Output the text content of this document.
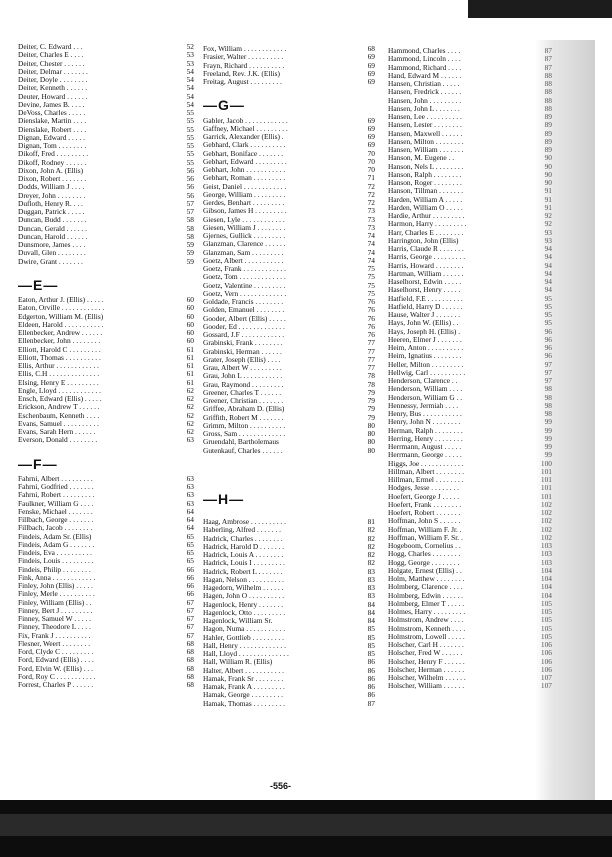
Deiter, C. Edward . . .	52
Deiter, Charles E . . . .	53
Deiter, Chester . . . . . .	53
Deiter, Delmar . . . . . . .	54
Deiter, Doyle . . . . . . . .	54
Deiter, Kenneth . . . . . .	54
Deuter, Howard . . . . . .	54
Devine, James B. . . . .	54
DeVoss, Charles . . . . .	55
Dienslake, Martin . . . .	55
Dienslake, Robert . . . .	55
Dignan, Edward . . . . .	55
Dignan, Tom . . . . . . . .	55
Dikoff, Fred . . . . . . . . .	55
Dikoff, Rodney . . . . . .	55
Dixon, John A. (Ellis)	56
Dixon, Robert . . . . . . .	56
Dodds, William J . . . .	56
Dreyer, John . . . . . . . .	56
Dufloth, Henry R. . . .	57
Duggan, Patrick . . . . .	57
Duncan, Budd . . . . . . .	58
Duncan, Gerald . . . . . .	58
Duncan, Harold . . . . . .	58
Dunsmore, James . . . .	59
Duvall, Glen . . . . . . . .	59
Dwire, Grant . . . . . . .	59
— E —
Eaton, Arthur J. (Ellis) . . . . .	60
Eaton, Orville . . . . . . . . . . . .	60
Edgerton, William M. (Ellis)	60
Eldeen, Harold . . . . . . . . . . .	60
Ellenbecker, Andrew . . . . . .	60
Ellenbecker, John . . . . . . . .	60
Elliott, Harold C . . . . . . . . .	61
Elliott, Thomas . . . . . . . . . .	61
Ellis, Arthur . . . . . . . . . . . .	61
Ellis, C.H . . . . . . . . . . . . . .	61
Elsing, Henry E . . . . . . . . .	61
Engle, Lloyd . . . . . . . . . . . .	62
Ensch, Edward (Ellis) . . . . .	62
Erickson, Andrew T . . . . . .	62
Eschenbaum, Kenneth . . . .	62
Evans, Samuel . . . . . . . . . .	62
Evans, Sarah Hern . . . . . .	62
Everson, Donald . . . . . . . .	63
— F —
Fahrni, Albert . . . . . . . . .	63
Fahrni, Godfried . . . . . . .	63
Fahrni, Robert . . . . . . . . .	63
Faulkner, William G . . . .	63
Fenske, Michael . . . . . . .	64
Fillbach, George . . . . . . .	64
Fillbach, Jacob . . . . . . . .	64
Findeis, Adam Sr. (Ellis)	65
Findeis, Adam G . . . . . . .	65
Findeis, Eva . . . . . . . . . .	65
Findeis, Louis . . . . . . . . .	65
Findeis, Philip . . . . . . . .	66
Fink, Anna . . . . . . . . . . . .	66
Finley, John (Ellis) . . . . .	66
Finley, Merle . . . . . . . . . .	66
Finley, William (Ellis) . .	67
Finney, Bert J . . . . . . . . .	67
Finney, Samuel W . . . . .	67
Finney, Theodore L . . . .	67
Fix, Frank J . . . . . . . . . .	67
Flesner, Weert . . . . . . . .	68
Ford, Clyde C . . . . . . . . .	68
Ford, Edward (Ellis) . . . .	68
Ford, Elvin W. (Ellis) . . .	68
Ford, Roy C . . . . . . . . . . .	68
Forrest, Charles P . . . . . .	68
Fox, William . . . . . . . . . . . .	68
Frasier, Walter . . . . . . . . . .	69
Frayn, Richard . . . . . . . . . .	69
Freeland, Rev. J.K. (Ellis)	69
Freitag, August . . . . . . . . .	69
— G —
Gabler, Jacob . . . . . . . . . . . .	69
Gaffney, Michael . . . . . . . . .	69
Garrick, Alexander (Ellis) .	69
Gebhard, Clark . . . . . . . . . .	69
Gebhart, Boniface . . . . . . .	70
Gebhart, Edward . . . . . . . . .	70
Gebhart, John . . . . . . . . . . .	70
Gebhart, Roman . . . . . . . . .	71
Geist, Daniel . . . . . . . . . . . .	72
George, William . . . . . . . . .	72
Gerdes, Benhart . . . . . . . . .	72
Gibson, James H . . . . . . . . .	73
Giesen, Lyle . . . . . . . . . . . .	73
Giesen, William J . . . . . . . .	73
Gjernes, Gullick . . . . . . . . .	74
Glanzman, Clarence . . . . . .	74
Glanzman, Sam . . . . . . . . .	74
Goetz, Albert . . . . . . . . . . .	74
Goetz, Frank . . . . . . . . . . . .	75
Goetz, Tom . . . . . . . . . . . . .	75
Goetz, Valentine . . . . . . . . .	75
Goetz, Vern . . . . . . . . . . . . .	75
Goldade, Francis . . . . . . . .	76
Golden, Emanuel . . . . . . . .	76
Gooder, Albert (Ellis) . . . . .	76
Gooder, Ed . . . . . . . . . . . . .	76
Gossard, J.F . . . . . . . . . . . .	76
Grabinski, Frank . . . . . . . .	77
Grabinski, Herman . . . . . .	77
Grater, Joseph (Ellis) . . . .	77
Grau, Albert W . . . . . . . . .	77
Grau, John L . . . . . . . . . . .	78
Grau, Raymond . . . . . . . . .	78
Greener, Charles T . . . . . .	79
Greener, Christian . . . . . . .	79
Griffee, Abraham D. (Ellis)	79
Griffith, Robert M . . . . . . .	79
Grimm, Milton . . . . . . . . . .	80
Gross, Sam . . . . . . . . . . . . .	80
Gruendahl, Bartholemaus	80
Gutenkauf, Charles . . . . . .	80
— H —
Haag, Ambrose . . . . . . . . . .	81
Haberling, Alfred . . . . . . .	82
Hadrick, Charles . . . . . . . .	82
Hadrick, Harold D . . . . . . .	82
Hadrick, Louis A . . . . . . . .	82
Hadrick, Louis I . . . . . . . . .	82
Hadrick, Robert L . . . . . . .	83
Hagan, Nelson . . . . . . . . . .	83
Hagedorn, Wilhelm . . . . . .	83
Hagen, John O . . . . . . . . . .	83
Hagenlock, Henry . . . . . . .	84
Hagenlock, Otto . . . . . . . . .	84
Hagenlock, William Sr.	84
Hagon, Numa . . . . . . . . . . .	85
Hahler, Gottlieb . . . . . . . . .	85
Hall, Henry . . . . . . . . . . . . .	85
Hall, Lloyd . . . . . . . . . . . . . .	85
Hall, William R. (Ellis)	86
Halter, Albert . . . . . . . . . . .	86
Hamak, Frank Sr . . . . . . . .	86
Hamak, Frank A . . . . . . . . .	86
Hamak, George . . . . . . . . .	86
Hamak, Thomas . . . . . . . . .	87
Hammond, Charles . . . .	87
Hammond, Lincoln . . . .	87
Hammond, Richard . . . .	87
Hand, Edward M . . . . . .	88
Hansen, Christian . . . . .	88
Hansen, Fredrick . . . . . .	88
Hansen, John . . . . . . . . .	88
Hansen, John L . . . . . . .	88
Hansen, Lee . . . . . . . . . .	89
Hansen, Lester . . . . . . . .	89
Hansen, Maxwell . . . . . .	89
Hansen, Milton . . . . . . . .	89
Hansen, William . . . . . . .	89
Hanson, M. Eugene . .	90
Hanson, Nels L . . . . . . . .	90
Hanson, Ralph . . . . . . . .	90
Hanson, Roger . . . . . . . .	90
Hanson, Tillman . . . . . . .	91
Harden, William A . . . . .	91
Harden, William O . . . . .	91
Hardie, Arthur . . . . . . . . .	92
Harmon, Harry . . . . . . . . .	92
Harr, Charles E . . . . . . . .	93
Harrington, John (Ellis)	93
Harris, Claude R . . . . . . .	94
Harris, George . . . . . . . . .	94
Harris, Howard . . . . . . . .	94
Hartman, William . . . . . .	94
Haselhorst, Edwin . . . . .	94
Haselhorst, Henry . . . . .	94
Hatfield, F.E . . . . . . . . . .	95
Hatfield, Harry D . . . . . .	95
Hause, Walter J . . . . . . .	95
Hays, John W. (Ellis) . .	95
Hays, Joseph H. (Ellis) .	96
Heeren, Elmer J . . . . . . .	96
Heim, Anton . . . . . . . . . .	96
Heim, Ignatius . . . . . . . .	96
Heller, Milton . . . . . . . . .	97
Hellwig, Carl . . . . . . . . . .	97
Henderson, Clarence . .	97
Henderson, William . . . .	98
Henderson, William G . .	98
Hennessy, Jermiah . . . .	98
Henry, Bus . . . . . . . . . . .	98
Henry, John N . . . . . . . .	99
Herman, Ralph . . . . . . . .	99
Herring, Henry . . . . . . . .	99
Herrmann, August . . . . .	99
Herrmann, George . . . . .	99
Higgs, Joe . . . . . . . . . . . .	100
Hillman, Albert . . . . . . . .	101
Hillman, Ermel . . . . . . . .	101
Hodges, Jesse . . . . . . . .	101
Hoefert, George J . . . . .	101
Hoefert, Frank . . . . . . . .	102
Hoefert, Robert . . . . . . .	102
Hoffman, John S . . . . . .	102
Hoffman, William F. Jr. .	102
Hoffman, William F. Sr. .	102
Hogeboom, Cornelius . .	103
Hogg, Charles . . . . . . . .	103
Hogg, George . . . . . . . .	103
Holgate, Ernest (Ellis) . .	104
Holm, Matthew . . . . . . . .	104
Holmberg, Clarence . . . .	104
Holmberg, Edwin . . . . . .	104
Holmberg, Elmer T . . . . .	105
Holmes, Harry . . . . . . . . .	105
Holmstrom, Andrew . . . .	105
Holmstrom, Kenneth . . . .	105
Holmstrom, Lowell . . . . .	105
Holscher, Carl H . . . . . . .	106
Holscher, Fred W . . . . . .	106
Holscher, Henry F . . . . . .	106
Holscher, Herman . . . . . .	106
Holscher, Wilhelm . . . . . .	107
Holscher, William . . . . . .	107
-556-
